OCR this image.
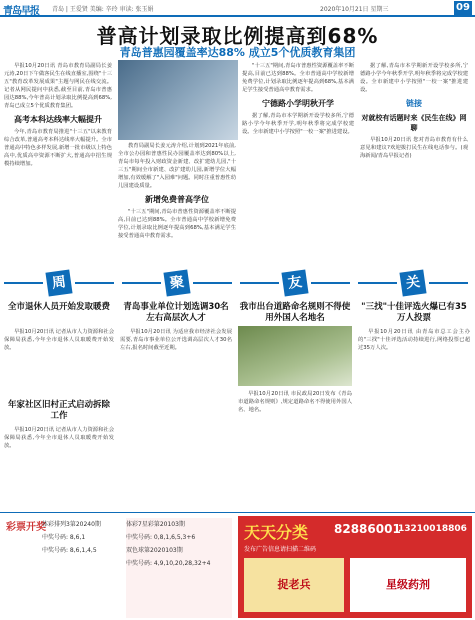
青岛早报 青岛 | 王爱贤 美编: 辛玲 审读: 张玉娟	2020年10月21日 星期三	09
普高计划录取比例提高到68%
青岛普惠园覆盖率达88% 成立5个优质教育集团

早报10月20日讯 青岛市教育局副局长姜元涛,20日下午做客民生在线直播室,围绕"十三五"教育改革发展成果"主题与网民在线交流。记者从网民提问中获悉,截至目前,青岛市普惠园达88%,今年普高计划录取比例提高到68%,青岛已成立5个优质教育集团。

高考本科达线率大幅提升

今年,青岛市教育局推进"十三五"以来教育综合改革,普通高考本科达线率大幅提升。全市普通高中特色多样发展,新增一批市级以上特色高中,优质高中资源不断扩大,普通高中招生规模持续增加。

教育局副局长姜元涛介绍,计划到2021年底前,全市公办园和普惠性民办园覆盖率达到80%以上,青岛市每年投入财政资金新建、改扩建幼儿园,"十三五"期间全市新建、改扩建幼儿园,新增学位大幅增加,有效缓解了"入园难"问题。同时注重普惠性幼儿园建设质量。

新增免费普高学位

"十三五"期间,青岛市普惠性资源覆盖率不断提高,目前已达到88%。全市普通高中学校新增免费学位,计划录取比例逐年提高到68%,基本满足学生接受普通高中教育需求。

"十三五"期间,青岛市普惠性资源覆盖率不断提高,目前已达到88%。全市普通高中学校新增免费学位,计划录取比例逐年提高到68%,基本满足学生接受普通高中教育需求。

宁德路小学明秋开学

据了解,青岛市本学期新开设学校多所,宁德路小学今年秋季开学,明年秋季将完成学校建设。全市新建中小学按照"一校一案"推进建设。

据了解,青岛市本学期新开设学校多所,宁德路小学今年秋季开学,明年秋季将完成学校建设。全市新建中小学按照"一校一案"推进建设。

链接
对就校有话题时来《民生在线》网聊

早报10月20日讯 您对青岛市教育有什么意见和建议?欢迎拨打民生在线电话参与。(观海新闻/青岛早报记者)

周	聚	友	关
全市退休人员开始发取暖费	青岛事业单位计划选调30名左右高层次人才
我市出台道路命名规则不得使用外国人名地名
"三找"十佳评选火爆已有35万人投票

早报10月20日讯 记者从市人力资源和社会保障局获悉,今年全市退休人员取暖费开始发放。

年家社区旧村正式启动拆除工作

早报10月20日讯 记者从市人力资源和社会保障局获悉,今年全市退休人员取暖费开始发放。

早报10月20日讯 为适应我市经济社会发展需要,青岛市事业单位公开选调高层次人才30名左右,报名时间截至近期。

早报10月20日讯 市民政局20日发布《青岛市道路命名规则》,规定道路命名不得使用外国人名、地名。

早报10月20日讯 由青岛市总工会主办的"三找"十佳评选活动持续进行,网络投票已超过35万人次。

彩票开奖
体彩排列3第20240期
中奖号码: 8,6,1
中奖号码: 8,6,1,4,5
体彩7星彩第20103期
中奖号码: 0,8,1,6,5,3+6
双色球第2020103期
中奖号码: 4,9,10,20,28,32+4
天天分类 82886001
13210018806
发布广告信息请扫描二维码
捉老兵	星级药剂
